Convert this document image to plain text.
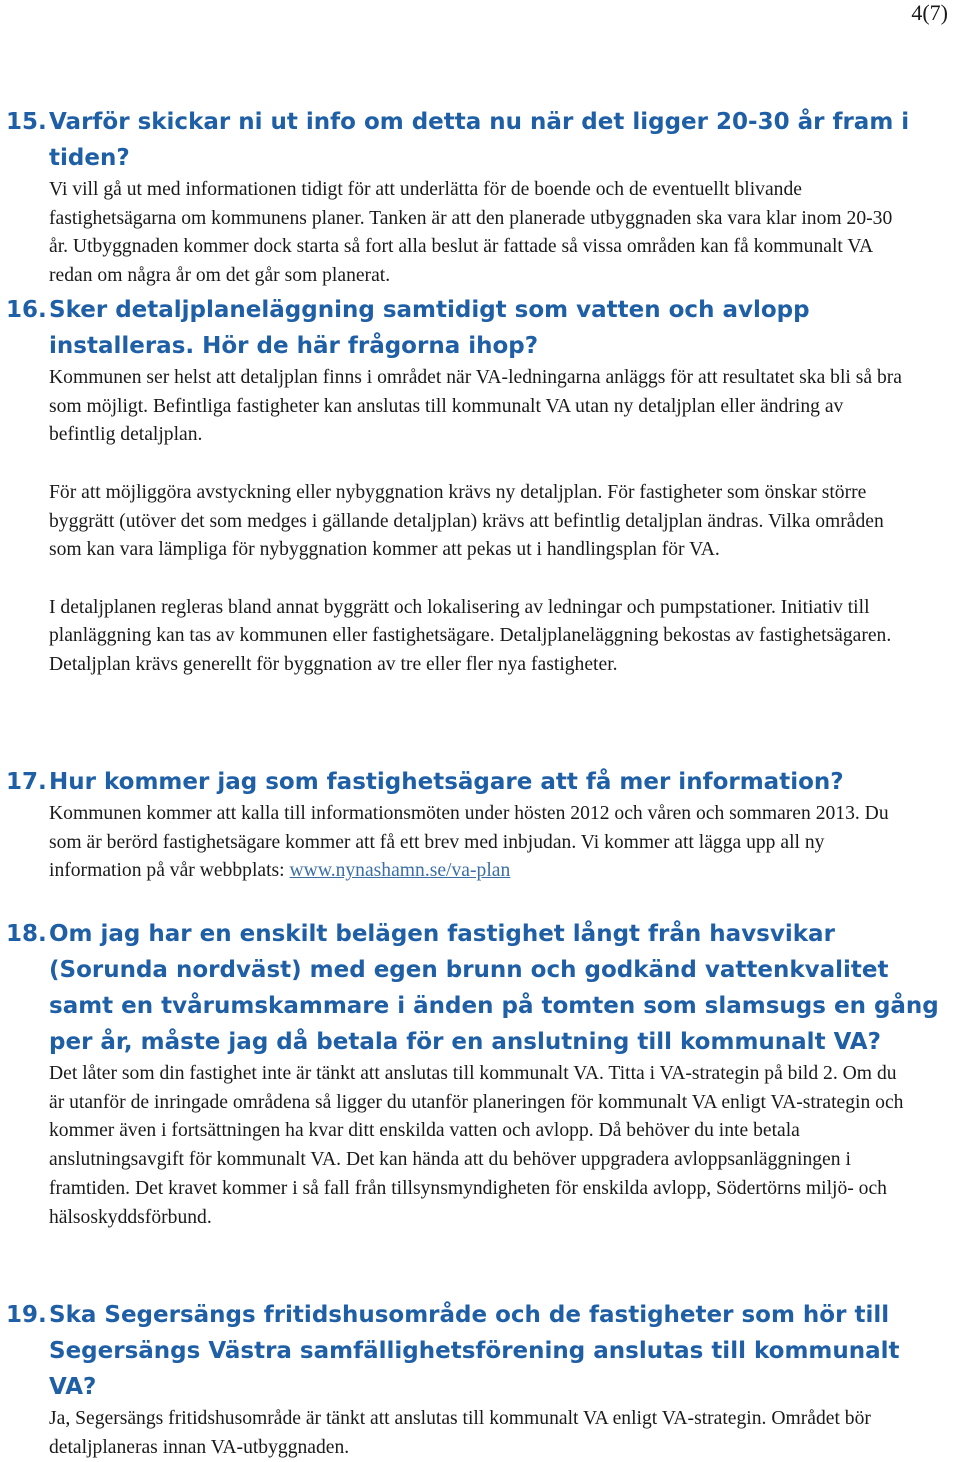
4(7)
15. Varför skickar ni ut info om detta nu när det ligger 20-30 år fram i tiden?

Vi vill gå ut med informationen tidigt för att underlätta för de boende och de eventuellt blivande fastighetsägarna om kommunens planer. Tanken är att den planerade utbyggnaden ska vara klar inom 20-30 år. Utbyggnaden kommer dock starta så fort alla beslut är fattade så vissa områden kan få kommunalt VA redan om några år om det går som planerat.

16. Sker detaljplaneläggning samtidigt som vatten och avlopp installeras. Hör de här frågorna ihop?

Kommunen ser helst att detaljplan finns i området när VA-ledningarna anläggs för att resultatet ska bli så bra som möjligt. Befintliga fastigheter kan anslutas till kommunalt VA utan ny detaljplan eller ändring av befintlig detaljplan.

För att möjliggöra avstyckning eller nybyggnation krävs ny detaljplan. För fastigheter som önskar större byggrätt (utöver det som medges i gällande detaljplan) krävs att befintlig detaljplan ändras. Vilka områden som kan vara lämpliga för nybyggnation kommer att pekas ut i handlingsplan för VA.

I detaljplanen regleras bland annat byggrätt och lokalisering av ledningar och pumpstationer. Initiativ till planläggning kan tas av kommunen eller fastighetsägare. Detaljplaneläggning bekostas av fastighetsägaren. Detaljplan krävs generellt för byggnation av tre eller fler nya fastigheter.

17. Hur kommer jag som fastighetsägare att få mer information?

Kommunen kommer att kalla till informationsmöten under hösten 2012 och våren och sommaren 2013. Du som är berörd fastighetsägare kommer att få ett brev med inbjudan. Vi kommer att lägga upp all ny information på vår webbplats: www.nynashamn.se/va-plan

18. Om jag har en enskilt belägen fastighet långt från havsvikar (Sorunda nordväst) med egen brunn och godkänd vattenkvalitet samt en tvårumskammare i änden på tomten som slamsugs en gång per år, måste jag då betala för en anslutning till kommunalt VA?

Det låter som din fastighet inte är tänkt att anslutas till kommunalt VA. Titta i VA-strategin på bild 2. Om du är utanför de inringade områdena så ligger du utanför planeringen för kommunalt VA enligt VA-strategin och kommer även i fortsättningen ha kvar ditt enskilda vatten och avlopp. Då behöver du inte betala anslutningsavgift för kommunalt VA. Det kan hända att du behöver uppgradera avloppsanläggningen i framtiden. Det kravet kommer i så fall från tillsynsmyndigheten för enskilda avlopp, Södertörns miljö- och hälsoskyddsförbund.

19. Ska Segersängs fritidshusområde och de fastigheter som hör till Segersängs Västra samfällighetsförening anslutas till kommunalt VA?

Ja, Segersängs fritidshusområde är tänkt att anslutas till kommunalt VA enligt VA-strategin. Området bör detaljplaneras innan VA-utbyggnaden.
